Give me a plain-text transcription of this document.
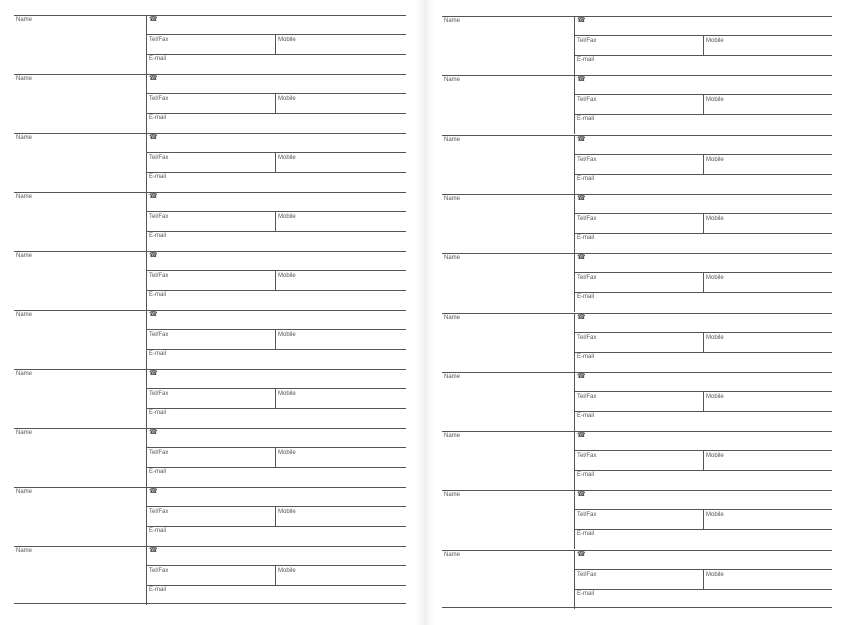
Name	☎
Tel/Fax	Mobile
E-mail
Name	☎
Tel/Fax	Mobile
E-mail
Name	☎
Tel/Fax	Mobile
E-mail
Name	☎
Tel/Fax	Mobile
E-mail
Name	☎
Tel/Fax	Mobile
E-mail
Name	☎
Tel/Fax	Mobile
E-mail
Name	☎
Tel/Fax	Mobile
E-mail
Name	☎
Tel/Fax	Mobile
E-mail
Name	☎
Tel/Fax	Mobile
E-mail
Name	☎
Tel/Fax	Mobile
E-mail
Name	☎
Tel/Fax	Mobile
E-mail
Name	☎
Tel/Fax	Mobile
E-mail
Name	☎
Tel/Fax	Mobile
E-mail
Name	☎
Tel/Fax	Mobile
E-mail
Name	☎
Tel/Fax	Mobile
E-mail
Name	☎
Tel/Fax	Mobile
E-mail
Name	☎
Tel/Fax	Mobile
E-mail
Name	☎
Tel/Fax	Mobile
E-mail
Name	☎
Tel/Fax	Mobile
E-mail
Name	☎
Tel/Fax	Mobile
E-mail
